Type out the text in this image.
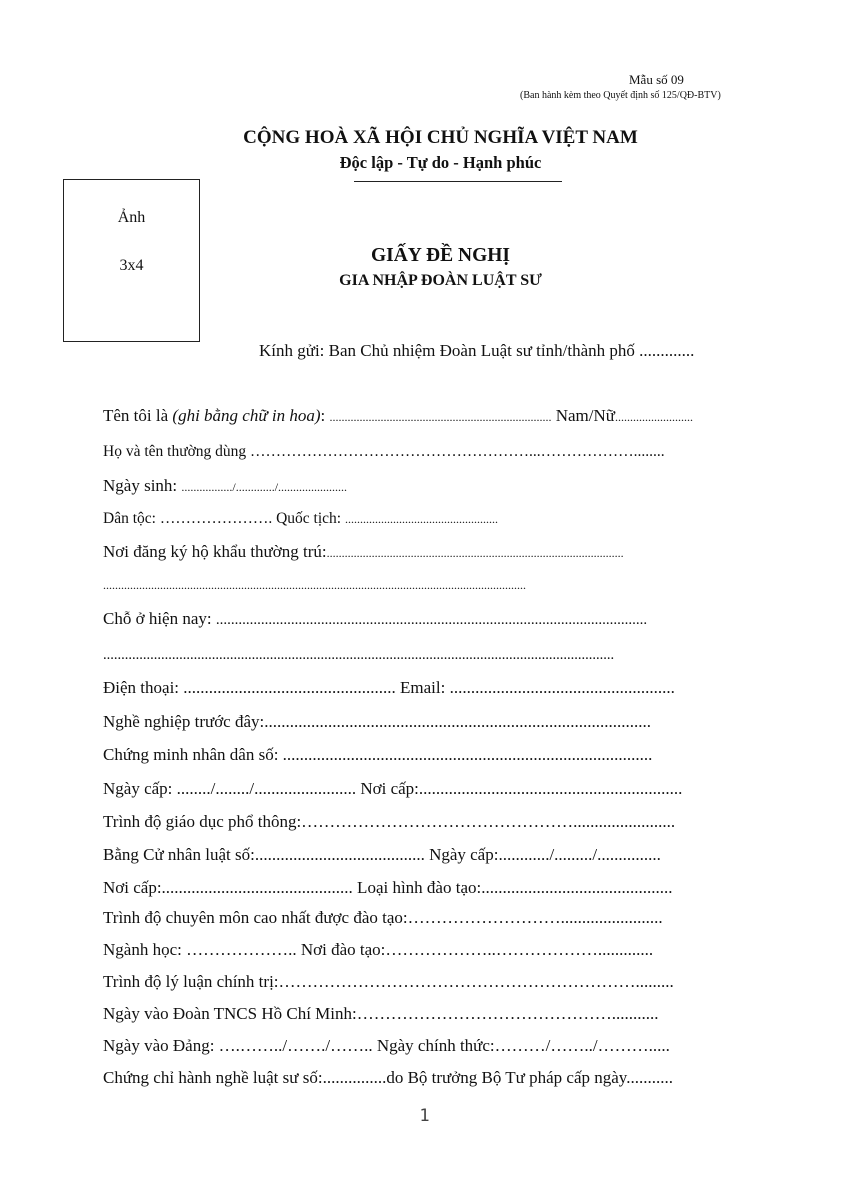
Mẫu số 09
(Ban hành kèm theo Quyết định số 125/QĐ-BTV)
CỘNG HOÀ XÃ HỘI CHỦ NGHĨA VIỆT NAM
Độc lập - Tự do - Hạnh phúc
Ảnh
3x4	GIẤY ĐỀ NGHỊ
GIA NHẬP ĐOÀN LUẬT SƯ
Kính gửi: Ban Chủ nhiệm Đoàn Luật sư tỉnh/thành phố .............
Tên tôi là (ghi bằng chữ in hoa): .......................................................................... Nam/Nữ..........................
Họ và tên thường dùng ………………………………………………...………………........
Ngày sinh: ................./............./.......................
Dân tộc: …………………. Quốc tịch: ...................................................
Nơi đăng ký hộ khẩu thường trú:...................................................................................................
.............................................................................................................................................
Chỗ ở hiện nay: ...................................................................................................................
.............................................................................................................................................
Điện thoại: .................................................. Email: .....................................................
Nghề nghiệp trước đây:...........................................................................................
Chứng minh nhân dân số: .......................................................................................
Ngày cấp: ......../......../........................ Nơi cấp:..............................................................
Trình độ giáo dục phổ thông:…………………………………………........................
Bằng Cử nhân luật số:........................................ Ngày cấp:............/........./...............
Nơi cấp:............................................. Loại hình đào tạo:.............................................
Trình độ chuyên môn cao nhất được đào tạo:………………………........................
Ngành học: ……………….. Nơi đào tạo:………………..……………….............
Trình độ lý luận chính trị:……………………………………………………….........
Ngày vào Đoàn TNCS Hồ Chí Minh:………………………………………...........
Ngày vào Đảng: ….……../……./…….. Ngày chính thức:………/……../……….....
Chứng chỉ hành nghề luật sư số:...............do Bộ trưởng Bộ Tư pháp cấp ngày...........
1
